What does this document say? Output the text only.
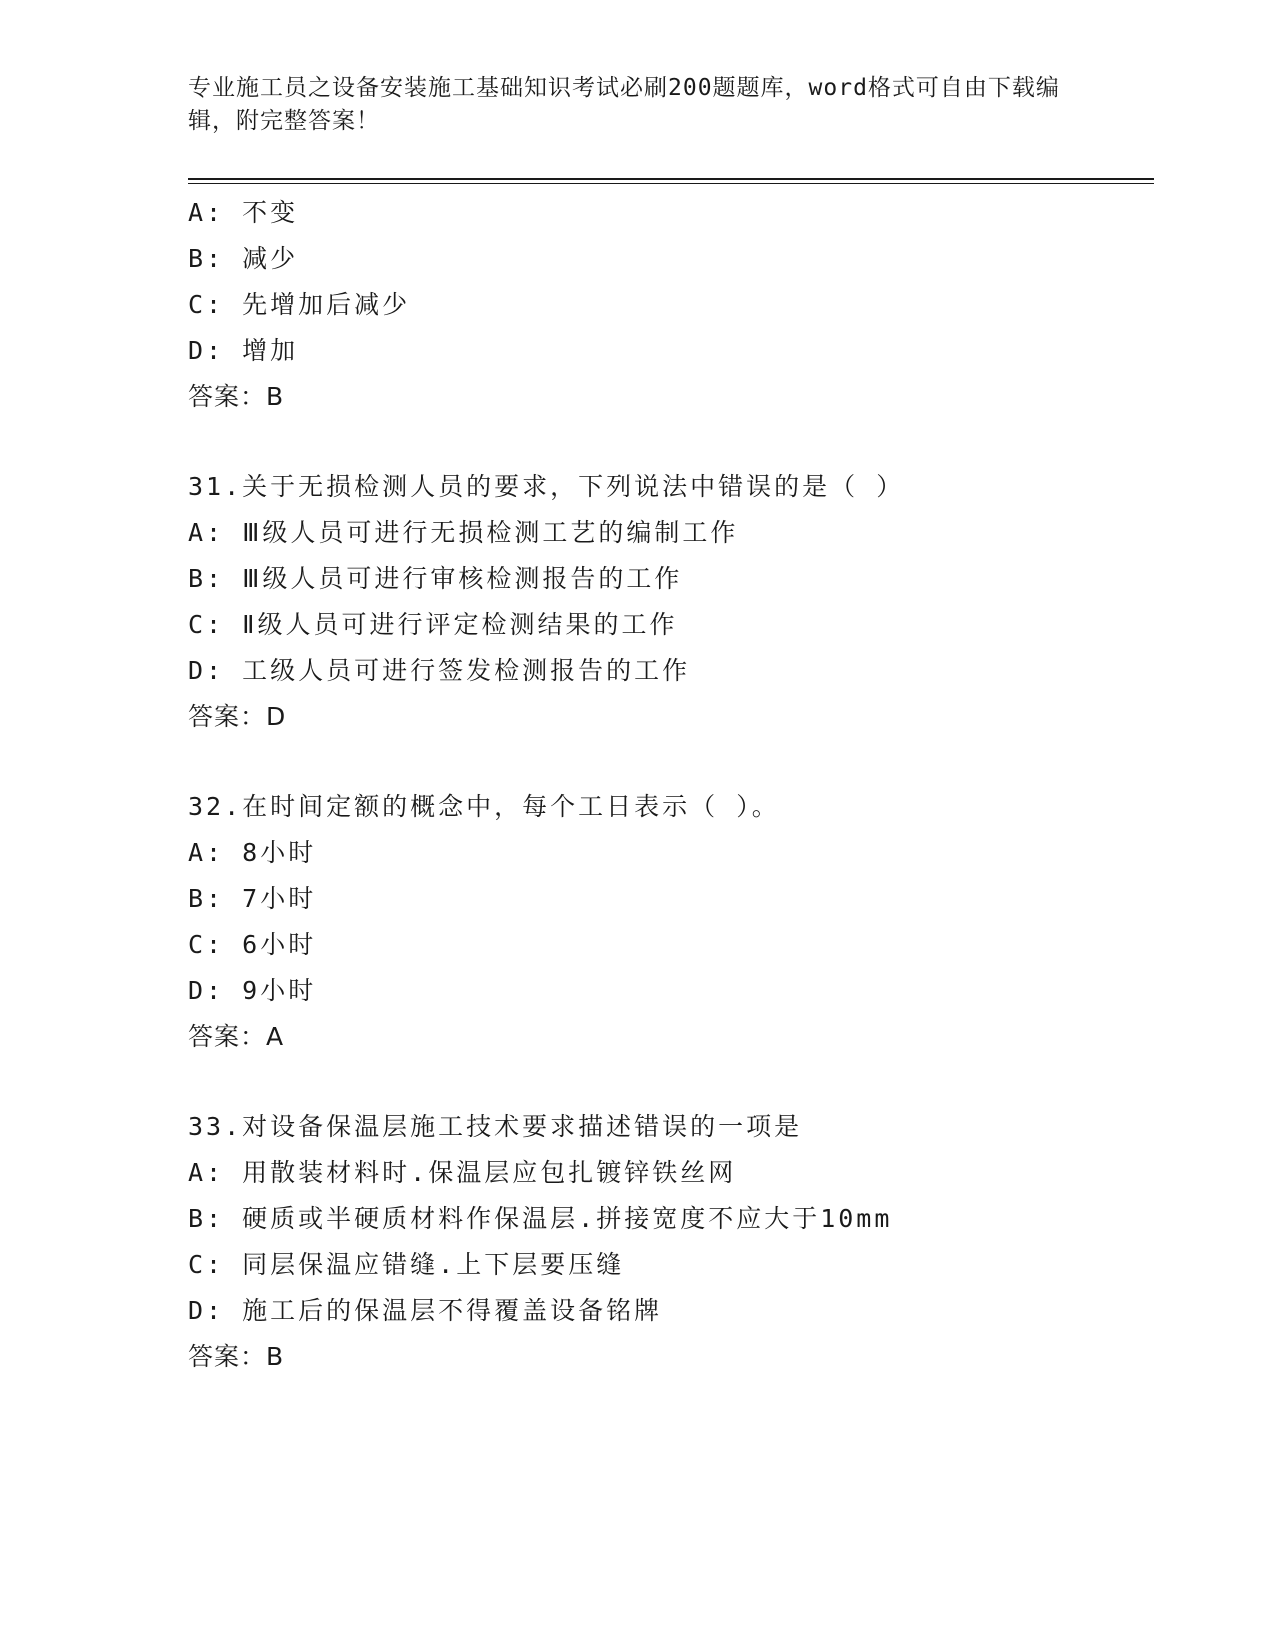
专业施工员之设备安装施工基础知识考试必刷200题题库，word格式可自由下载编辑，附完整答案！
A: 不变
B: 减少
C: 先增加后减少
D: 增加
答案：B
31.关于无损检测人员的要求，下列说法中错误的是（ ）
A: Ⅲ级人员可进行无损检测工艺的编制工作
B: Ⅲ级人员可进行审核检测报告的工作
C: Ⅱ级人员可进行评定检测结果的工作
D: 工级人员可进行签发检测报告的工作
答案：D
32.在时间定额的概念中，每个工日表示（ ）。
A: 8小时
B: 7小时
C: 6小时
D: 9小时
答案：A
33.对设备保温层施工技术要求描述错误的一项是
A: 用散装材料时.保温层应包扎镀锌铁丝网
B: 硬质或半硬质材料作保温层.拼接宽度不应大于10mm
C: 同层保温应错缝.上下层要压缝
D: 施工后的保温层不得覆盖设备铭牌
答案：B
